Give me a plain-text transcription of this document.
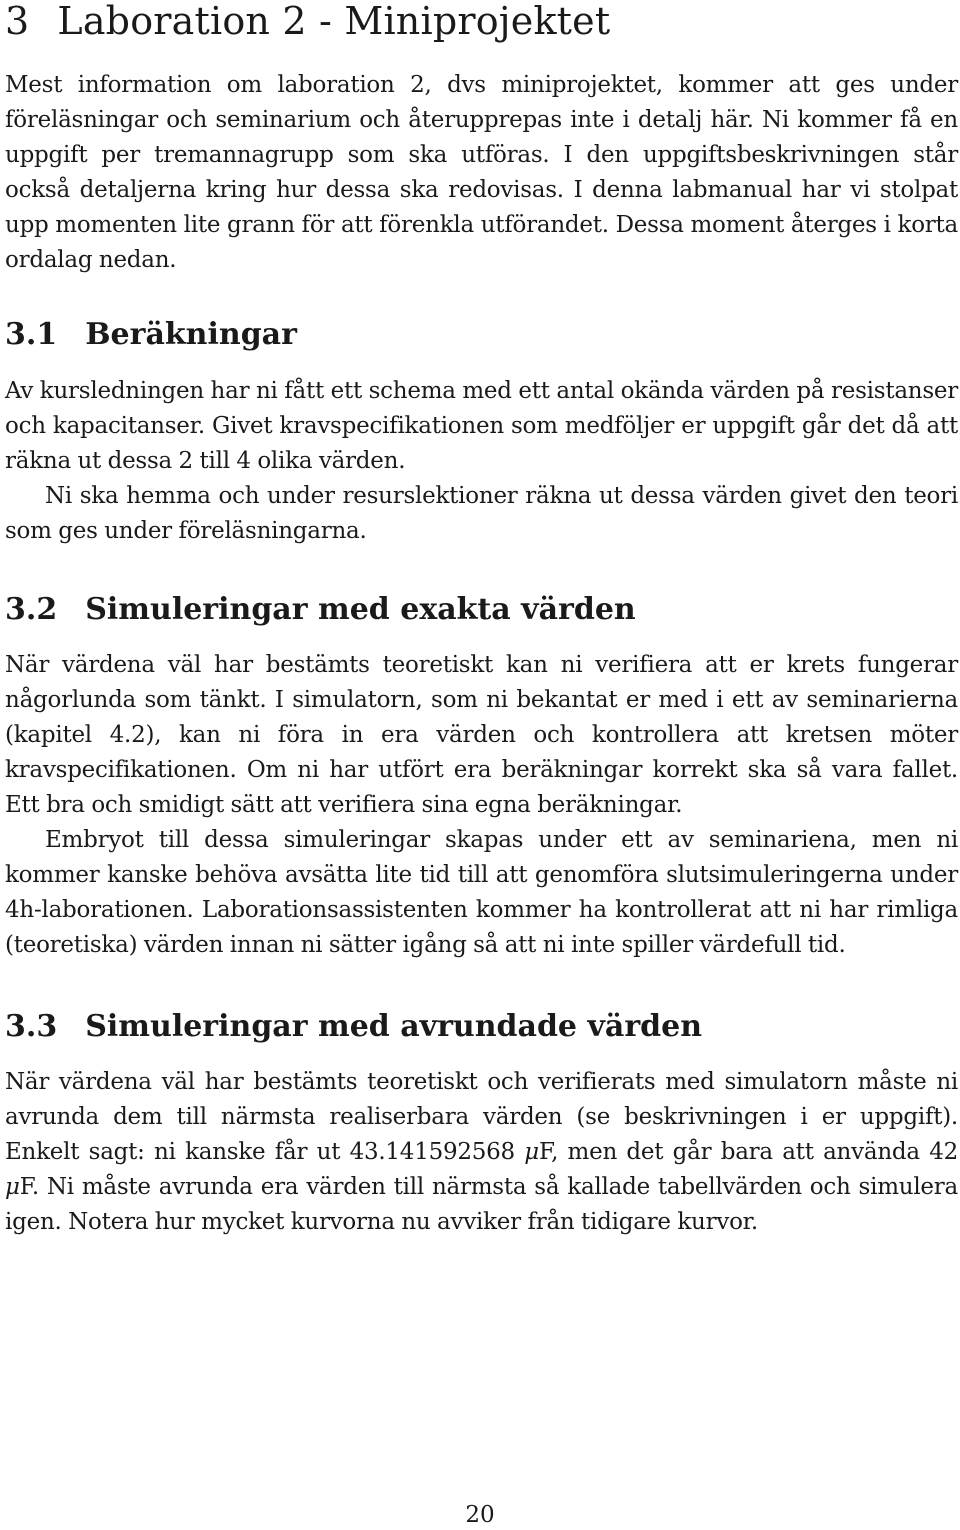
3 Laboration 2 - Miniprojektet

Mest information om laboration 2, dvs miniprojektet, kommer att ges under föreläsningar och seminarium och återupprepas inte i detalj här. Ni kommer få en uppgift per tremannagrupp som ska utföras. I den uppgiftsbeskrivningen står också detaljerna kring hur dessa ska redovisas. I denna labmanual har vi stolpat upp momenten lite grann för att förenkla utförandet. Dessa moment återges i korta ordalag nedan.

3.1 Beräkningar

Av kursledningen har ni fått ett schema med ett antal okända värden på resistanser och kapacitanser. Givet kravspecifikationen som medföljer er uppgift går det då att räkna ut dessa 2 till 4 olika värden.

Ni ska hemma och under resurslektioner räkna ut dessa värden givet den teori som ges under föreläsningarna.

3.2 Simuleringar med exakta värden

När värdena väl har bestämts teoretiskt kan ni verifiera att er krets fungerar någorlunda som tänkt. I simulatorn, som ni bekantat er med i ett av seminarierna (kapitel 4.2), kan ni föra in era värden och kontrollera att kretsen möter kravspecifikationen. Om ni har utfört era beräkningar korrekt ska så vara fallet. Ett bra och smidigt sätt att verifiera sina egna beräkningar.

Embryot till dessa simuleringar skapas under ett av seminariena, men ni kommer kanske behöva avsätta lite tid till att genomföra slutsimuleringerna under 4h-laborationen. Laborationsassistenten kommer ha kontrollerat att ni har rimliga (teoretiska) värden innan ni sätter igång så att ni inte spiller värdefull tid.

3.3 Simuleringar med avrundade värden

När värdena väl har bestämts teoretiskt och verifierats med simulatorn måste ni avrunda dem till närmsta realiserbara värden (se beskrivningen i er uppgift). Enkelt sagt: ni kanske får ut 43.141592568 μF, men det går bara att använda 42 μF. Ni måste avrunda era värden till närmsta så kallade tabellvärden och simulera igen. Notera hur mycket kurvorna nu avviker från tidigare kurvor.

20
